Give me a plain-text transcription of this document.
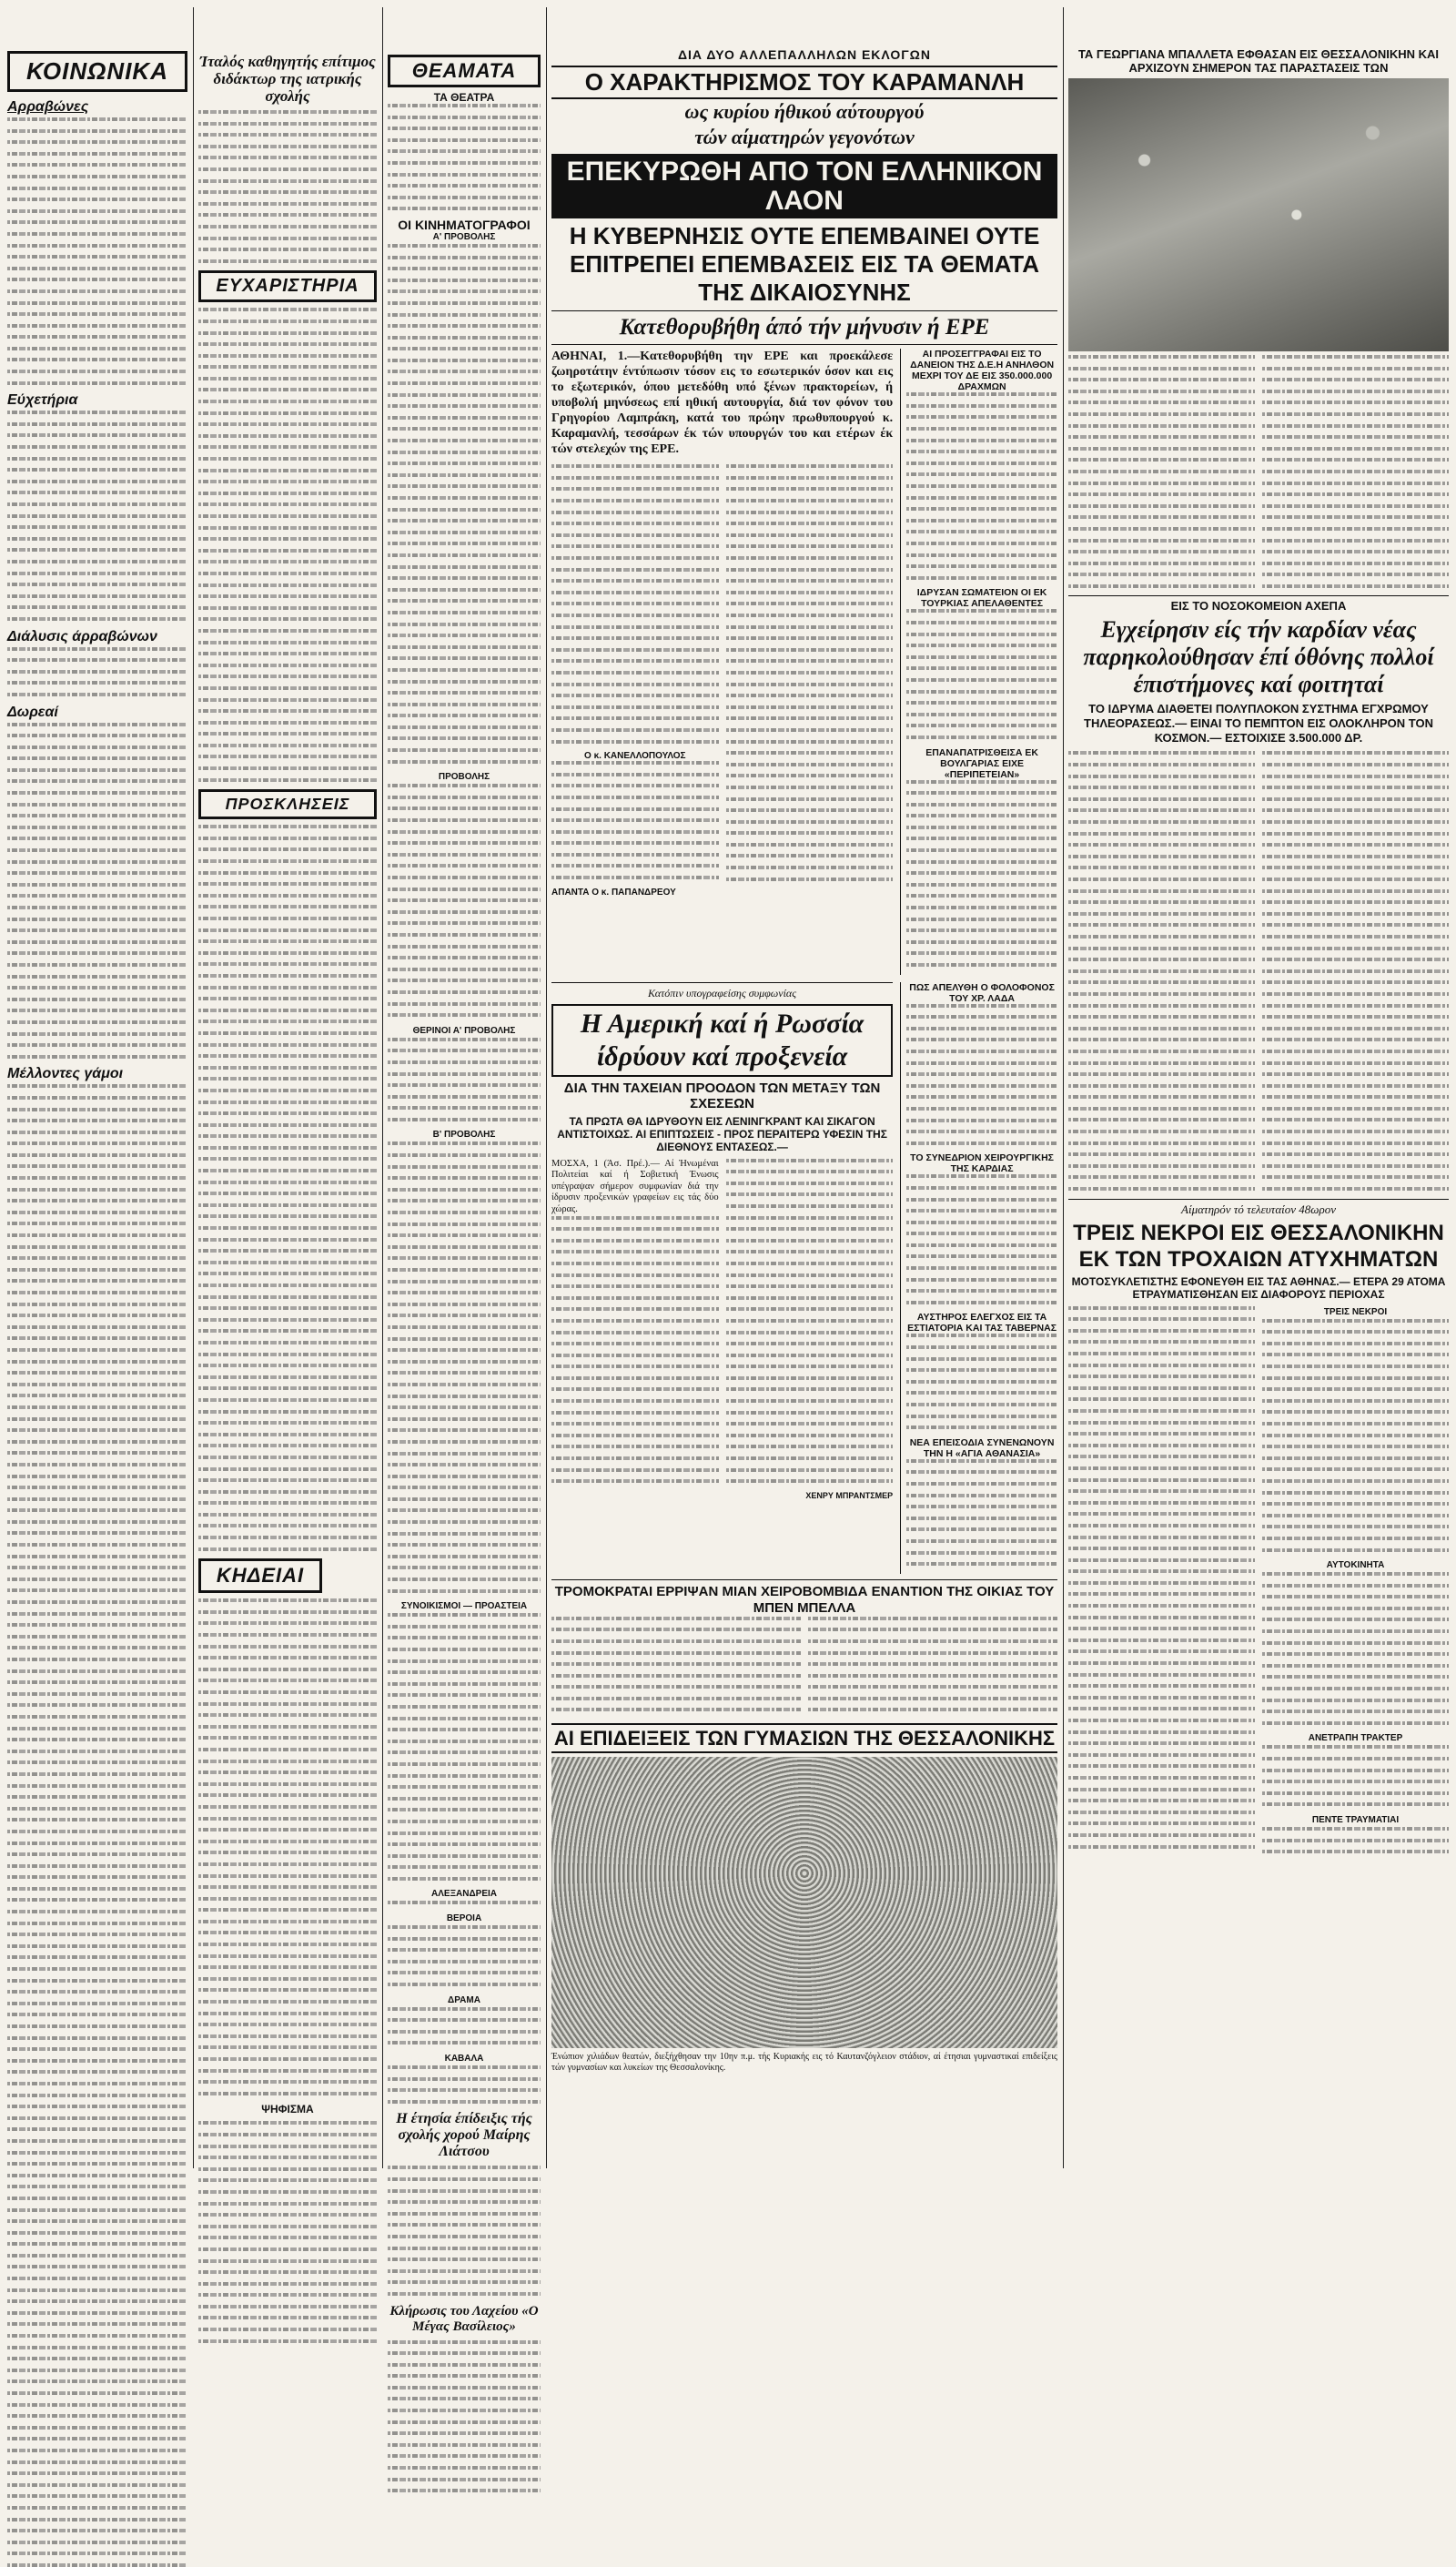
ΚΟΙΝΩΝΙΚΑ
Αρραβώνες
Εύχετήρια
Διάλυσις άρραβώνων
Δωρεαί
Μέλλοντες γάμοι
Ίταλός καθηγητής επίτιμος διδάκτωρ της ιατρικής σχολής
ΕΥΧΑΡΙΣΤΗΡΙΑ
ΠΡΟΣΚΛΗΣΕΙΣ
ΚΗΔΕΙΑΙ
ΨΗΦΙΣΜΑ
ΘΕΑΜΑΤΑ
ΤΑ ΘΕΑΤΡΑ
ΟΙ ΚΙΝΗΜΑΤΟΓΡΑΦΟΙ
Α' ΠΡΟΒΟΛΗΣ
ΠΡΟΒΟΛΗΣ
ΘΕΡΙΝΟΙ Α' ΠΡΟΒΟΛΗΣ
Β' ΠΡΟΒΟΛΗΣ
ΣΥΝΟΙΚΙΣΜΟΙ — ΠΡΟΑΣΤΕΙΑ
ΑΛΕΞΑΝΔΡΕΙΑ
ΒΕΡΟΙΑ
ΔΡΑΜΑ
ΚΑΒΑΛΑ
Η έτησία έπίδειξις τής σχολής χορού Μαίρης Λιάτσου
Κλήρωσις του Λαχείου «Ο Μέγας Βασίλειος»
ΔΙΑ ΔΥΟ ΑΛΛΕΠΑΛΛΗΛΩΝ ΕΚΛΟΓΩΝ
Ο ΧΑΡΑΚΤΗΡΙΣΜΟΣ ΤΟΥ ΚΑΡΑΜΑΝΛΗ
ως κυρίου ήθικού αύτουργού
τών αίματηρών γεγονότων
ΕΠΕΚΥΡΩΘΗ ΑΠΟ ΤΟΝ ΕΛΛΗΝΙΚΟΝ ΛΑΟΝ
Η ΚΥΒΕΡΝΗΣΙΣ ΟΥΤΕ ΕΠΕΜΒΑΙΝΕΙ ΟΥΤΕ ΕΠΙΤΡΕΠΕΙ ΕΠΕΜΒΑΣΕΙΣ ΕΙΣ ΤΑ ΘΕΜΑΤΑ ΤΗΣ ΔΙΚΑΙΟΣΥΝΗΣ
Κατεθορυβήθη άπό τήν μήνυσιν ή ΕΡΕ
ΑΘΗΝΑΙ, 1.—Κατεθορυβήθη την ΕΡΕ και προεκάλεσε ζωηροτάτην έντύπωσιν τόσον εις το εσωτερικόν όσον και εις το εξωτερικόν, όπου μετεδόθη υπό ξένων πρακτορείων, ή υποβολή μηνύσεως επί ηθική αυτουργία, διά τον φόνον του Γρηγορίου Λαμπράκη, κατά του πρώην πρωθυπουργού κ. Καραμανλή, τεσσάρων έκ τών υπουργών του και ετέρων έκ τών στελεχών της ΕΡΕ.
Ο κ. ΚΑΝΕΛΛΟΠΟΥΛΟΣ
ΑΠΑΝΤΑ Ο κ. ΠΑΠΑΝΔΡΕΟΥ
ΑΙ ΠΡΟΣΕΓΓΡΑΦΑΙ ΕΙΣ ΤΟ ΔΑΝΕΙΟΝ ΤΗΣ Δ.Ε.Η ΑΝΗΛΘΟΝ ΜΕΧΡΙ ΤΟΥ ΔΕ ΕΙΣ 350.000.000 ΔΡΑΧΜΩΝ
ΙΔΡΥΣΑΝ ΣΩΜΑΤΕΙΟΝ ΟΙ ΕΚ ΤΟΥΡΚΙΑΣ ΑΠΕΛΑΘΕΝΤΕΣ
ΕΠΑΝΑΠΑΤΡΙΣΘΕΙΣΑ ΕΚ ΒΟΥΛΓΑΡΙΑΣ ΕΙΧΕ «ΠΕΡΙΠΕΤΕΙΑΝ»
Κατόπιν υπογραφείσης συμφωνίας
Η Αμερική καί ή Ρωσσία ίδρύουν καί προξενεία
ΔΙΑ ΤΗΝ ΤΑΧΕΙΑΝ ΠΡΟΟΔΟΝ ΤΩΝ ΜΕΤΑΞΥ ΤΩΝ ΣΧΕΣΕΩΝ
ΤΑ ΠΡΩΤΑ ΘΑ ΙΔΡΥΘΟΥΝ ΕΙΣ ΛΕΝΙΝΓΚΡΑΝΤ ΚΑΙ ΣΙΚΑΓΟΝ ΑΝΤΙΣΤΟΙΧΩΣ. ΑΙ ΕΠΙΠΤΩΣΕΙΣ - ΠΡΟΣ ΠΕΡΑΙΤΕΡΩ ΥΦΕΣΙΝ ΤΗΣ ΔΙΕΘΝΟΥΣ ΕΝΤΑΣΕΩΣ.—
ΜΟΣΧΑ, 1 (Άσ. Πρέ.).— Αί Ήνωμέναι Πολιτείαι καί ή Σοβιετική Ένωσις υπέγραψαν σήμερον συμφωνίαν διά την ίδρυσιν προξενικών γραφείων εις τάς δύο χώρας.
ΧΕΝΡΥ ΜΠΡΑΝΤΣΜΕΡ
ΠΩΣ ΑΠΕΛΥΘΗ Ο ΦΟΛΟΦΟΝΟΣ ΤΟΥ ΧΡ. ΛΑΔΑ
ΤΟ ΣΥΝΕΔΡΙΟΝ ΧΕΙΡΟΥΡΓΙΚΗΣ ΤΗΣ ΚΑΡΔΙΑΣ
ΑΥΣΤΗΡΟΣ ΕΛΕΓΧΟΣ ΕΙΣ ΤΑ ΕΣΤΙΑΤΟΡΙΑ ΚΑΙ ΤΑΣ ΤΑΒΕΡΝΑΣ
ΝΕΑ ΕΠΕΙΣΟΔΙΑ ΣΥΝΕΝΩΝΟΥΝ ΤΗΝ Η «ΑΓΙΑ ΑΘΑΝΑΣΙΑ»
ΤΡΟΜΟΚΡΑΤΑΙ ΕΡΡΙΨΑΝ ΜΙΑΝ ΧΕΙΡΟΒΟΜΒΙΔΑ ΕΝΑΝΤΙΟΝ ΤΗΣ ΟΙΚΙΑΣ ΤΟΥ ΜΠΕΝ ΜΠΕΛΛΑ
ΑΙ ΕΠΙΔΕΙΞΕΙΣ ΤΩΝ ΓΥΜΑΣΙΩΝ ΤΗΣ ΘΕΣΣΑΛΟΝΙΚΗΣ
Ένώπιον χιλιάδων θεατών, διεξήχθησαν την 10ην π.μ. τής Κυριακής εις τό Καυτανζόγλειον στάδιον, αί έτησιαι γυμναστικαί επιδείξεις τών γυμνασίων και λυκείων της Θεσσαλονίκης.
ΤΑ ΓΕΩΡΓΙΑΝΑ ΜΠΑΛΛΕΤΑ ΕΦΘΑΣΑΝ ΕΙΣ ΘΕΣΣΑΛΟΝΙΚΗΝ ΚΑΙ ΑΡΧΙΖΟΥΝ ΣΗΜΕΡΟΝ ΤΑΣ ΠΑΡΑΣΤΑΣΕΙΣ ΤΩΝ
ΕΙΣ ΤΟ ΝΟΣΟΚΟΜΕΙΟΝ ΑΧΕΠΑ
Εγχείρησιν είς τήν καρδίαν νέας παρηκολούθησαν έπί όθόνης πολλοί έπιστήμονες καί φοιτηταί
ΤΟ ΙΔΡΥΜΑ ΔΙΑΘΕΤΕΙ ΠΟΛΥΠΛΟΚΟΝ ΣΥΣΤΗΜΑ ΕΓΧΡΩΜΟΥ ΤΗΛΕΟΡΑΣΕΩΣ.— ΕΙΝΑΙ ΤΟ ΠΕΜΠΤΟΝ ΕΙΣ ΟΛΟΚΛΗΡΟΝ ΤΟΝ ΚΟΣΜΟΝ.— ΕΣΤΟΙΧΙΣΕ 3.500.000 ΔΡ.
Αίματηρόν τό τελευταίον 48ωρον
ΤΡΕΙΣ ΝΕΚΡΟΙ ΕΙΣ ΘΕΣΣΑΛΟΝΙΚΗΝ ΕΚ ΤΩΝ ΤΡΟΧΑΙΩΝ ΑΤΥΧΗΜΑΤΩΝ
ΜΟΤΟΣΥΚΛΕΤΙΣΤΗΣ ΕΦΟΝΕΥΘΗ ΕΙΣ ΤΑΣ ΑΘΗΝΑΣ.— ΕΤΕΡΑ 29 ΑΤΟΜΑ ΕΤΡΑΥΜΑΤΙΣΘΗΣΑΝ ΕΙΣ ΔΙΑΦΟΡΟΥΣ ΠΕΡΙΟΧΑΣ
ΤΡΕΙΣ ΝΕΚΡΟΙ
ΑΥΤΟΚΙΝΗΤΑ
ΑΝΕΤΡΑΠΗ ΤΡΑΚΤΕΡ
ΠΕΝΤΕ ΤΡΑΥΜΑΤΙΑΙ
